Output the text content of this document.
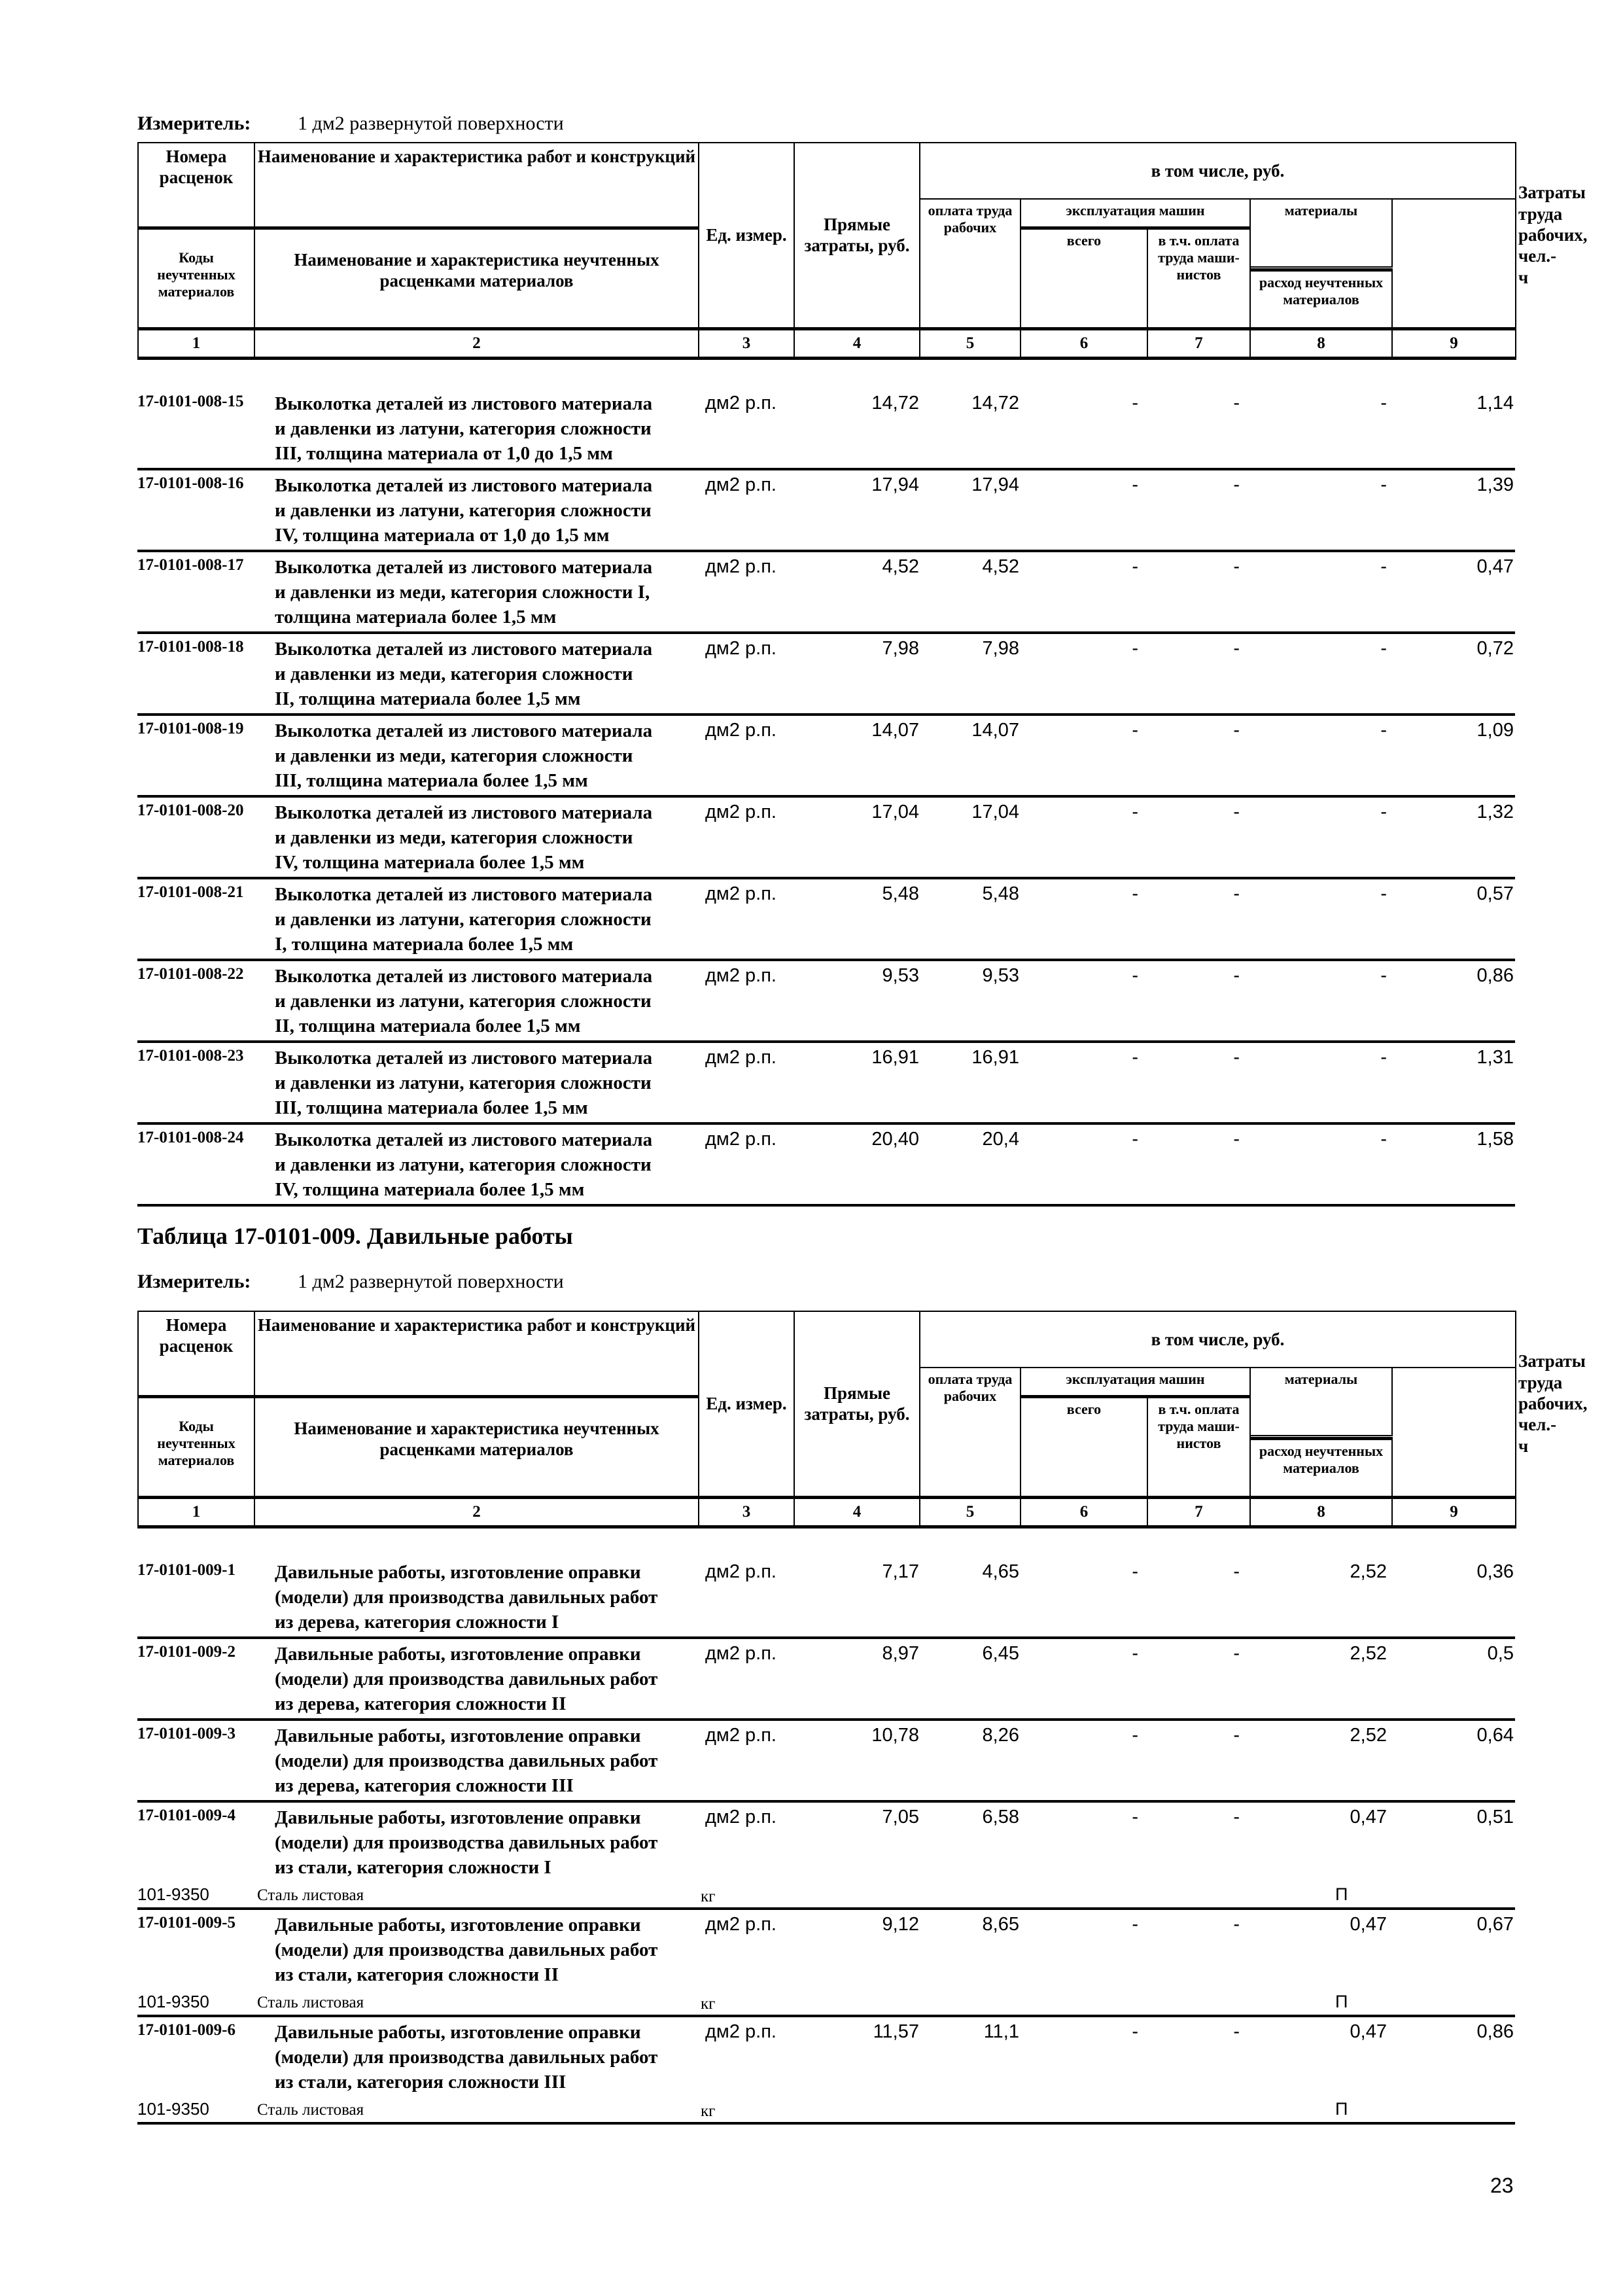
Измеритель: 1 дм2 развернутой поверхности
Номера расценок	Наименование и характеристика работ и конструкций	Ед. измер.	Прямые затраты, руб.	в том числе, руб.					Затраты труда рабочих, чел.-ч

				оплата труда рабочих	эксплуатация машин		материалы		
Коды неучтенных материалов	Наименование и характеристика неучтенных расценками материалов				всего	в т.ч. оплата труда маши-нистов			

							расход неучтенных материалов		
1	2	3	4	5	6	7	8	9	
17-0101-008-15 Выколотка деталей из листового материала
и давленки из латуни, категория сложности
III, толщина материала от 1,0 до 1,5 мм
дм2 р.п.	14,72	14,72	-	-	-	1,14
17-0101-008-16 Выколотка деталей из листового материала
и давленки из латуни, категория сложности
IV, толщина материала от 1,0 до 1,5 мм
дм2 р.п.	17,94	17,94	-	-	-	1,39
17-0101-008-17 Выколотка деталей из листового материала
и давленки из меди, категория сложности I,
толщина материала более 1,5 мм
дм2 р.п.	4,52	4,52	-	-	-	0,47
17-0101-008-18 Выколотка деталей из листового материала
и давленки из меди, категория сложности
II, толщина материала более 1,5 мм
дм2 р.п.	7,98	7,98	-	-	-	0,72
17-0101-008-19 Выколотка деталей из листового материала
и давленки из меди, категория сложности
III, толщина материала более 1,5 мм
дм2 р.п.	14,07	14,07	-	-	-	1,09
17-0101-008-20 Выколотка деталей из листового материала
и давленки из меди, категория сложности
IV, толщина материала более 1,5 мм
дм2 р.п.	17,04	17,04	-	-	-	1,32
17-0101-008-21 Выколотка деталей из листового материала
и давленки из латуни, категория сложности
I, толщина материала более 1,5 мм
дм2 р.п.	5,48	5,48	-	-	-	0,57
17-0101-008-22 Выколотка деталей из листового материала
и давленки из латуни, категория сложности
II, толщина материала более 1,5 мм
дм2 р.п.	9,53	9,53	-	-	-	0,86
17-0101-008-23 Выколотка деталей из листового материала
и давленки из латуни, категория сложности
III, толщина материала более 1,5 мм
дм2 р.п.	16,91	16,91	-	-	-	1,31
17-0101-008-24 Выколотка деталей из листового материала
и давленки из латуни, категория сложности
IV, толщина материала более 1,5 мм
дм2 р.п.	20,40	20,4	-	-	-	1,58
Таблица 17-0101-009. Давильные работы
Измеритель: 1 дм2 развернутой поверхности
Номера расценок	Наименование и характеристика работ и конструкций	Ед. измер.	Прямые затраты, руб.	в том числе, руб.					Затраты труда рабочих, чел.-ч

				оплата труда рабочих	эксплуатация машин		материалы		
Коды неучтенных материалов	Наименование и характеристика неучтенных расценками материалов				всего	в т.ч. оплата труда маши-нистов			

							расход неучтенных материалов		
1	2	3	4	5	6	7	8	9	
17-0101-009-1 Давильные работы, изготовление оправки
(модели) для производства давильных работ
из дерева, категория сложности I
дм2 р.п.	7,17	4,65	-	-	2,52	0,36
17-0101-009-2 Давильные работы, изготовление оправки
(модели) для производства давильных работ
из дерева, категория сложности II
дм2 р.п.	8,97	6,45	-	-	2,52	0,5
17-0101-009-3 Давильные работы, изготовление оправки
(модели) для производства давильных работ
из дерева, категория сложности III
дм2 р.п.	10,78	8,26	-	-	2,52	0,64
17-0101-009-4 Давильные работы, изготовление оправки
(модели) для производства давильных работ
из стали, категория сложности I
дм2 р.п.	7,05	6,58	-	-	0,47	0,51
101-9350	Сталь листовая	кг	П
17-0101-009-5 Давильные работы, изготовление оправки
(модели) для производства давильных работ
из стали, категория сложности II
дм2 р.п.	9,12	8,65	-	-	0,47	0,67
101-9350	Сталь листовая	кг	П
17-0101-009-6 Давильные работы, изготовление оправки
(модели) для производства давильных работ
из стали, категория сложности III
дм2 р.п.	11,57	11,1	-	-	0,47	0,86
101-9350	Сталь листовая	кг	П
23
